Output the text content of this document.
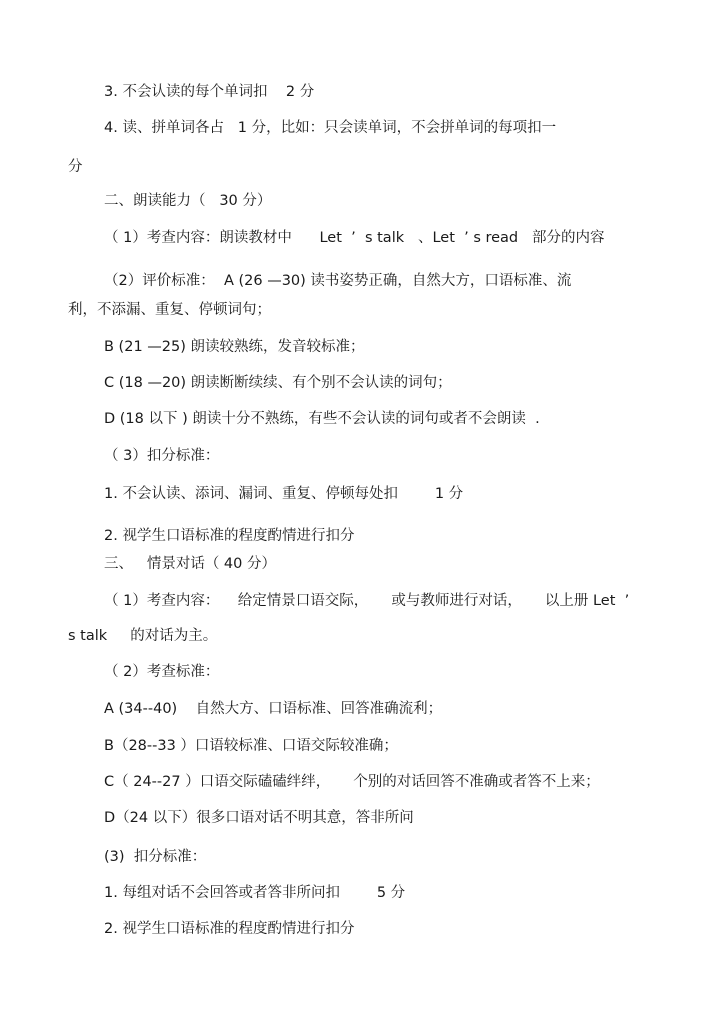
3. 不会认读的每个单词扣    2 分
4. 读、拼单词各占   1 分，比如：只会读单词，不会拼单词的每项扣一
分
二、朗读能力（   30 分）
（ 1）考查内容：朗读教材中      Let  ’  s talk   、Let  ’ s read   部分的内容
（2）评价标准：  A (26 —30) 读书姿势正确，自然大方，口语标准、流
利，不添漏、重复、停顿词句；
B (21 —25) 朗读较熟练，发音较标准；
C (18 —20) 朗读断断续续、有个别不会认读的词句；
D (18 以下 ) 朗读十分不熟练，有些不会认读的词句或者不会朗读  .
（ 3）扣分标准：
1. 不会认读、添词、漏词、重复、停顿每处扣        1 分
2. 视学生口语标准的程度酌情进行扣分
三、   情景对话（ 40 分）
（ 1）考查内容：    给定情景口语交际，     或与教师进行对话，     以上册 Let  ’
s talk     的对话为主。
（ 2）考查标准：
A (34--40)    自然大方、口语标准、回答准确流利；
B（28--33 ）口语较标准、口语交际较准确；
C（ 24--27 ）口语交际磕磕绊绊，     个别的对话回答不准确或者答不上来；
D（24 以下）很多口语对话不明其意，答非所问
(3)  扣分标准：
1. 每组对话不会回答或者答非所问扣        5 分
2. 视学生口语标准的程度酌情进行扣分
